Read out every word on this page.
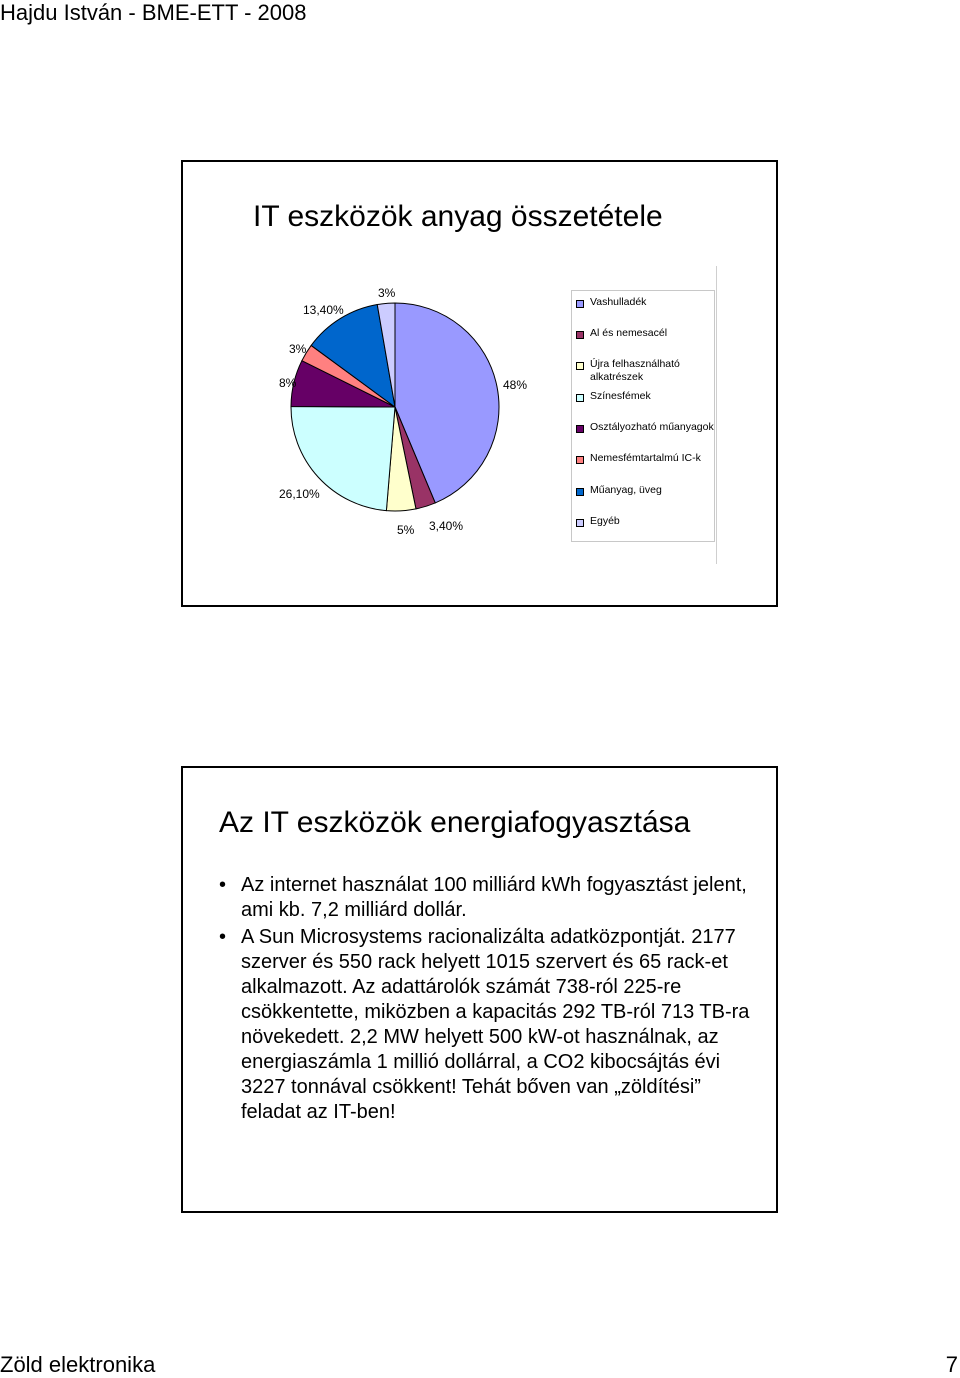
Hajdu István - BME-ETT - 2008
IT eszközök anyag összetétele
48%
3,40%
5%
26,10%
8%
3%
13,40%
3%
Vashulladék
Al és nemesacél
Újra felhasználható alkatrészek
Színesfémek
Osztályozható műanyagok
Nemesfémtartalmú IC-k
Műanyag, üveg
Egyéb
Az IT eszközök energiafogyasztása
• Az internet használat 100 milliárd kWh fogyasztást jelent, ami kb. 7,2 milliárd dollár.
• A Sun Microsystems racionalizálta adatközpontját. 2177 szerver és 550 rack helyett 1015 szervert és 65 rack-et alkalmazott. Az adattárolók számát 738-ról 225-re csökkentette, miközben a kapacitás 292 TB-ról 713 TB-ra növekedett. 2,2 MW helyett 500 kW-ot használnak, az energiaszámla 1 millió dollárral, a CO2 kibocsájtás évi 3227 tonnával csökkent! Tehát bőven van „zöldítési” feladat az IT-ben!
Zöld elektronika	7
